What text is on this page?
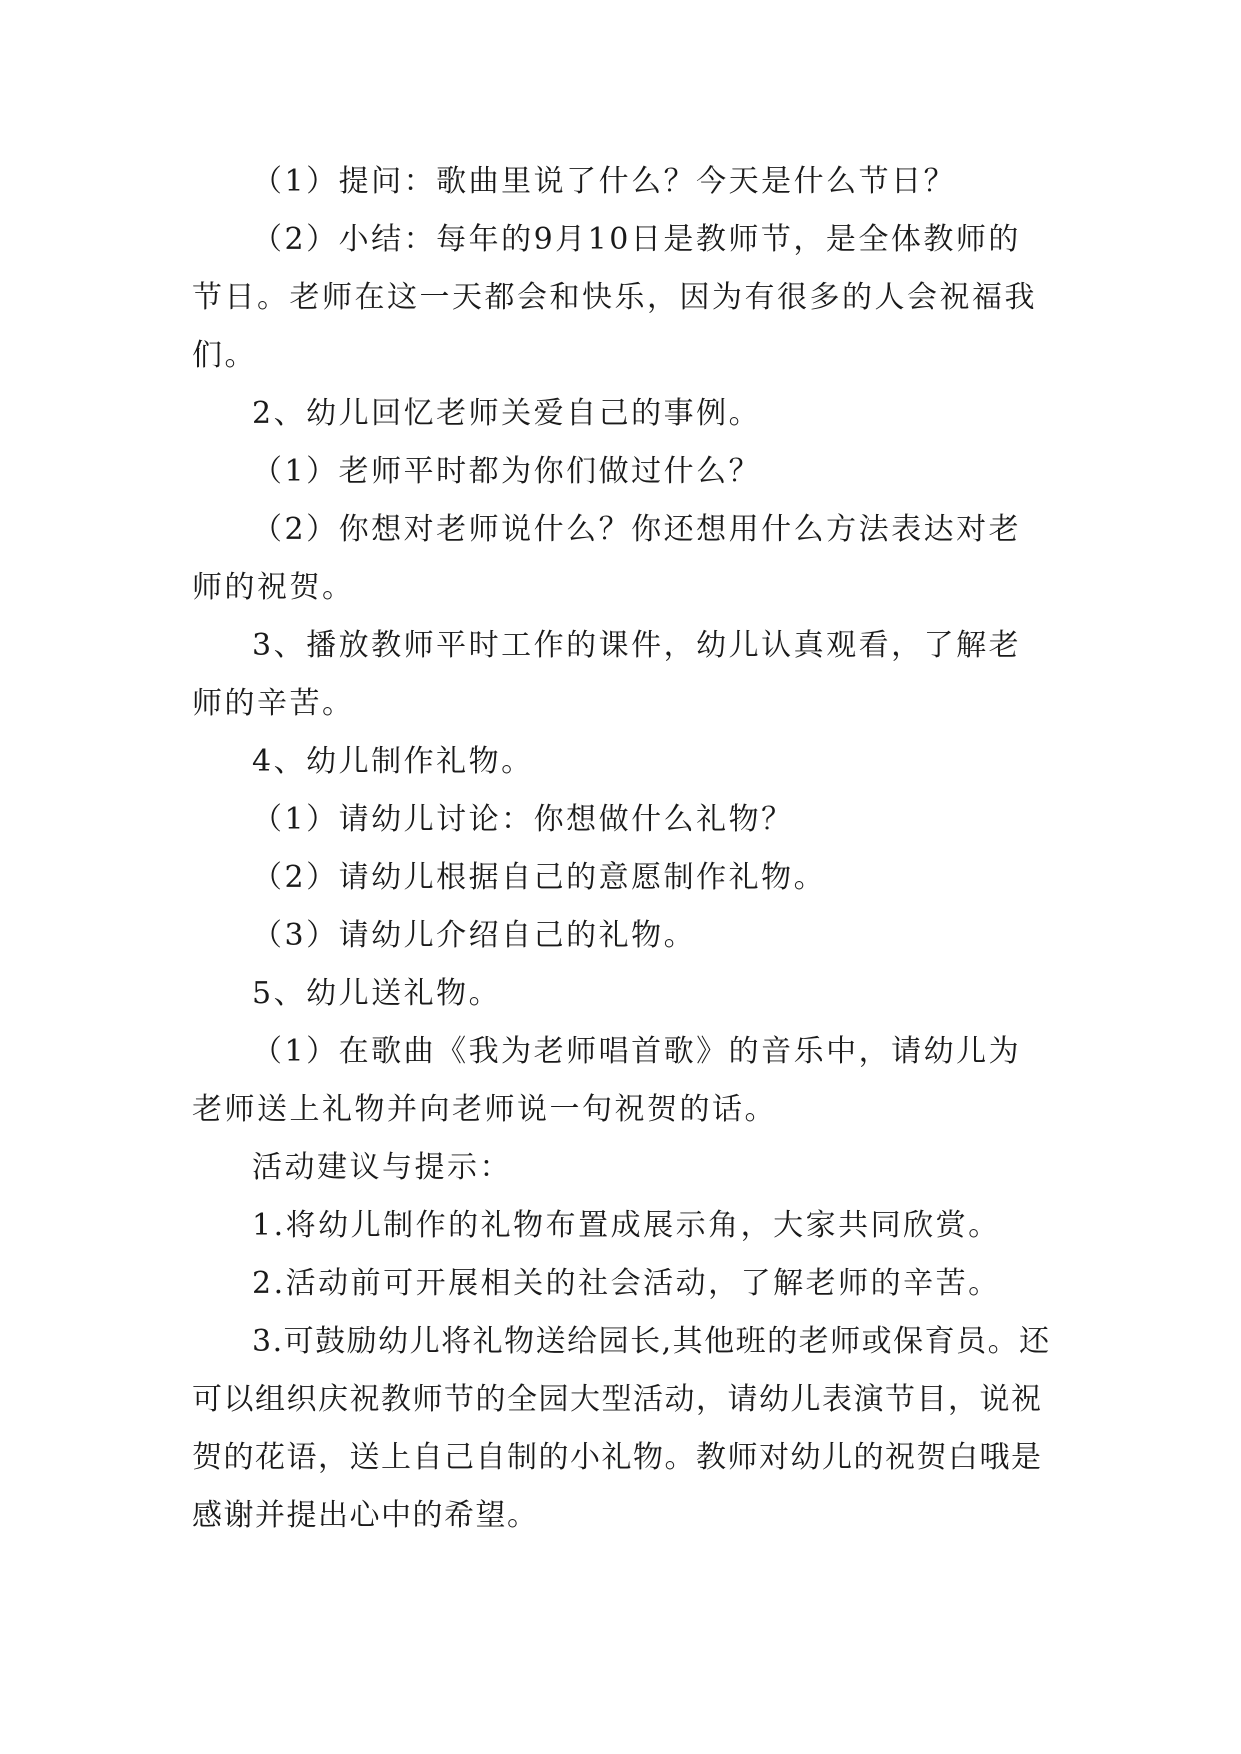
（1）提问：歌曲里说了什么？今天是什么节日？

（2）小结：每年的9月10日是教师节，是全体教师的节日。老师在这一天都会和快乐，因为有很多的人会祝福我们。

2、幼儿回忆老师关爱自己的事例。

（1）老师平时都为你们做过什么？

（2）你想对老师说什么？你还想用什么方法表达对老师的祝贺。

3、播放教师平时工作的课件，幼儿认真观看，了解老师的辛苦。

4、幼儿制作礼物。

（1）请幼儿讨论：你想做什么礼物？

（2）请幼儿根据自己的意愿制作礼物。

（3）请幼儿介绍自己的礼物。

5、幼儿送礼物。

（1）在歌曲《我为老师唱首歌》的音乐中，请幼儿为老师送上礼物并向老师说一句祝贺的话。

活动建议与提示：

1.将幼儿制作的礼物布置成展示角，大家共同欣赏。

2.活动前可开展相关的社会活动，了解老师的辛苦。

3.可鼓励幼儿将礼物送给园长,其他班的老师或保育员。还可以组织庆祝教师节的全园大型活动，请幼儿表演节目，说祝贺的花语，送上自己自制的小礼物。教师对幼儿的祝贺白哦是感谢并提出心中的希望。
